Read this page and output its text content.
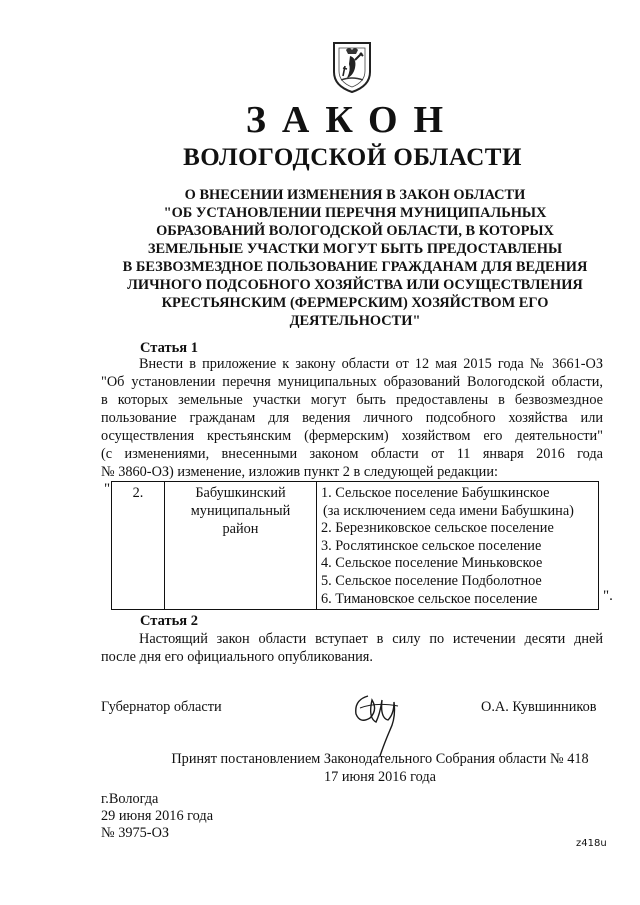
ЗАКОН
ВОЛОГОДСКОЙ ОБЛАСТИ
О ВНЕСЕНИИ ИЗМЕНЕНИЯ В ЗАКОН ОБЛАСТИ
"ОБ УСТАНОВЛЕНИИ ПЕРЕЧНЯ МУНИЦИПАЛЬНЫХ
ОБРАЗОВАНИЙ ВОЛОГОДСКОЙ ОБЛАСТИ, В КОТОРЫХ
ЗЕМЕЛЬНЫЕ УЧАСТКИ МОГУТ БЫТЬ ПРЕДОСТАВЛЕНЫ
В БЕЗВОЗМЕЗДНОЕ ПОЛЬЗОВАНИЕ ГРАЖДАНАМ ДЛЯ ВЕДЕНИЯ
ЛИЧНОГО ПОДСОБНОГО ХОЗЯЙСТВА ИЛИ ОСУЩЕСТВЛЕНИЯ
КРЕСТЬЯНСКИМ (ФЕРМЕРСКИМ) ХОЗЯЙСТВОМ ЕГО
ДЕЯТЕЛЬНОСТИ"
Статья 1
Внести в приложение к закону области от 12 мая 2015 года № 3661-ОЗ
"Об установлении перечня муниципальных образований Вологодской области,
в которых земельные участки могут быть предоставлены в безвозмездное
пользование гражданам для ведения личного подсобного хозяйства или
осуществления крестьянским (фермерским) хозяйством его деятельности"
(с изменениями, внесенными законом области от 11 января 2016 года
№ 3860-ОЗ) изменение, изложив пункт 2 в следующей редакции:
" 2.	Бабушкинский
муниципальный
район

1. Сельское поселение Бабушкинское
(за исключением седа имени Бабушкина)
2. Березниковское сельское поселение
3. Рослятинское сельское поселение
4. Сельское поселение Миньковское
5. Сельское поселение Подболотное
6. Тимановское сельское поселение	".
Статья 2
Настоящий закон области вступает в силу по истечении десяти дней
после дня его официального опубликования.
Губернатор области	О.А. Кувшинников
Принят постановлением Законодательного Собрания области № 418
17 июня 2016 года
г.Вологда
29 июня 2016 года
№ 3975-ОЗ
z418u
